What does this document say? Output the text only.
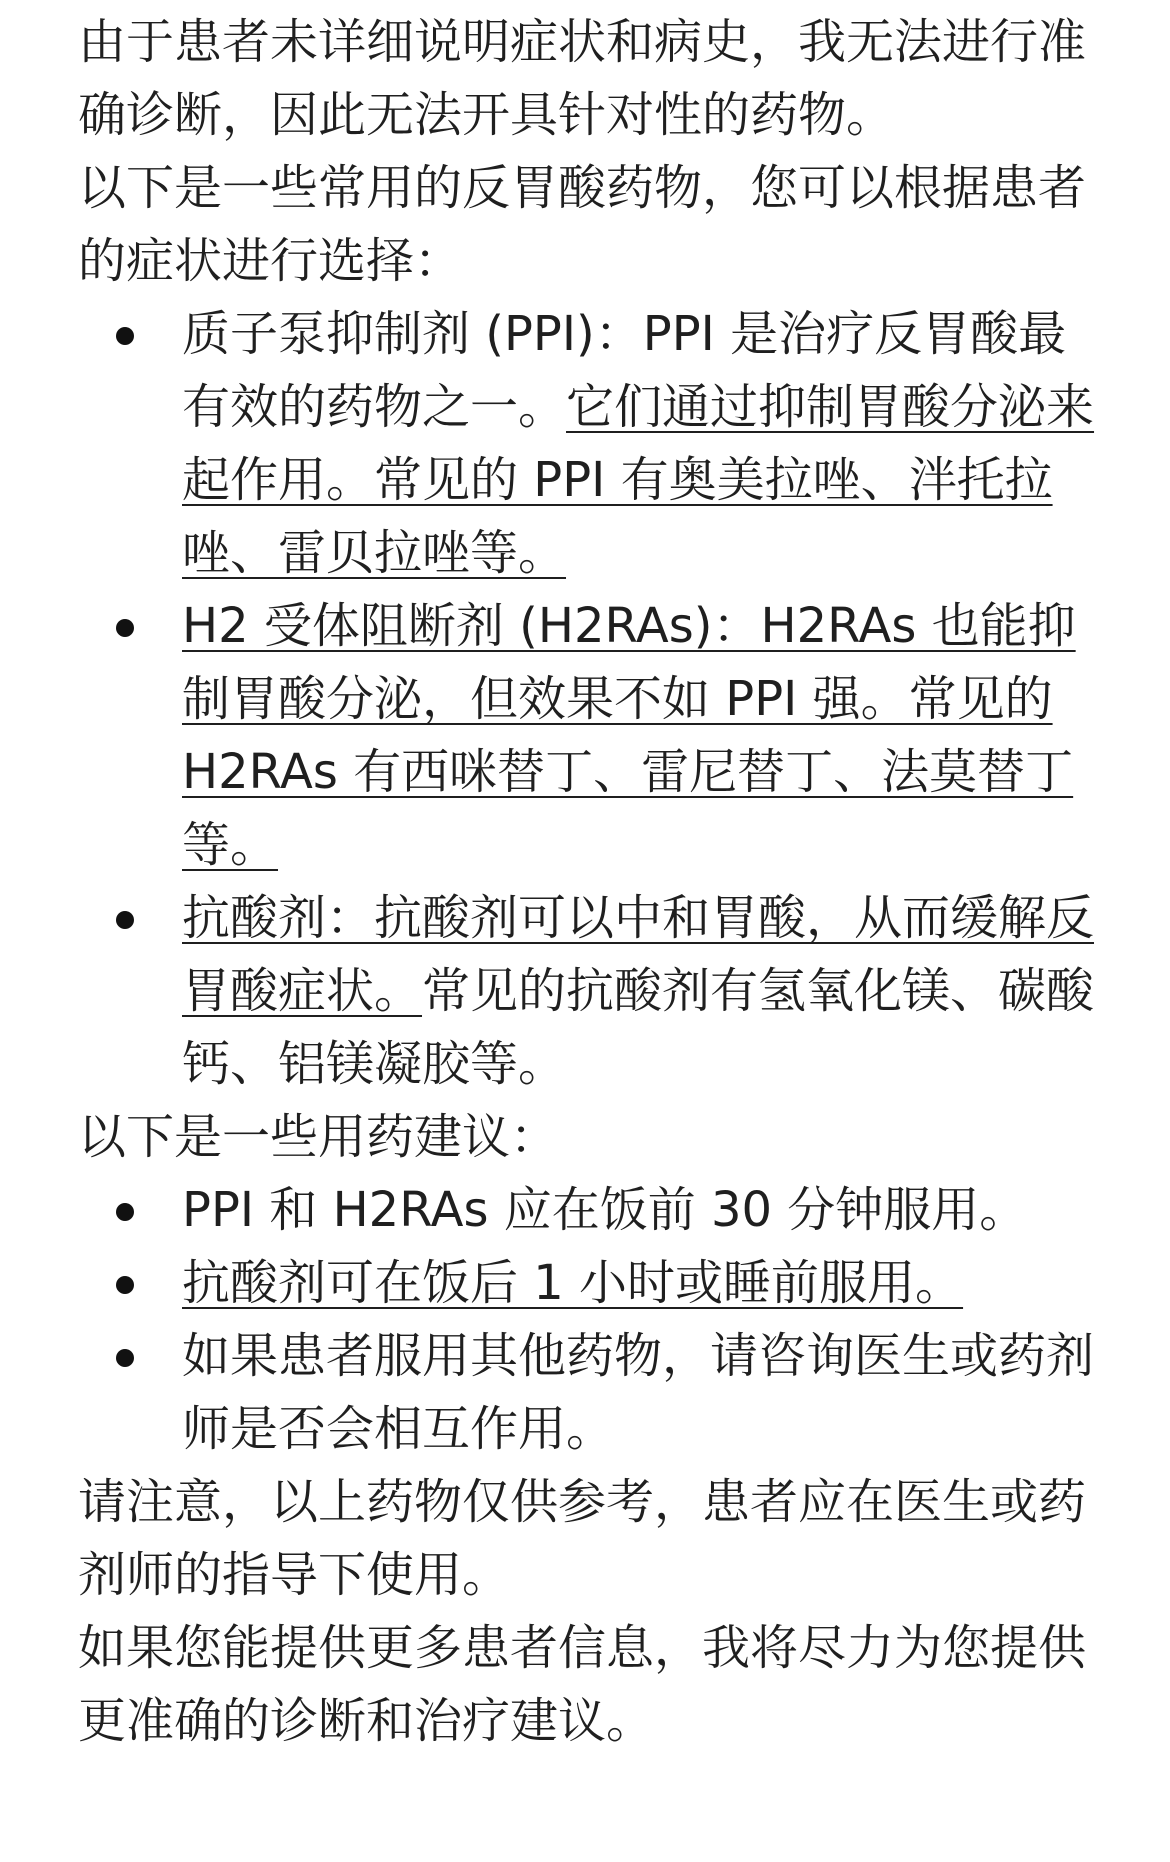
由于患者未详细说明症状和病史，我无法进行准确诊断，因此无法开具针对性的药物。

以下是一些常用的反胃酸药物，您可以根据患者的症状进行选择：

质子泵抑制剂 (PPI)：PPI 是治疗反胃酸最有效的药物之一。它们通过抑制胃酸分泌来起作用。常见的 PPI 有奥美拉唑、泮托拉唑、雷贝拉唑等。
H2 受体阻断剂 (H2RAs)：H2RAs 也能抑制胃酸分泌，但效果不如 PPI 强。常见的 H2RAs 有西咪替丁、雷尼替丁、法莫替丁等。
抗酸剂：抗酸剂可以中和胃酸，从而缓解反胃酸症状。常见的抗酸剂有氢氧化镁、碳酸钙、铝镁凝胶等。

以下是一些用药建议：

PPI 和 H2RAs 应在饭前 30 分钟服用。
抗酸剂可在饭后 1 小时或睡前服用。
如果患者服用其他药物，请咨询医生或药剂师是否会相互作用。

请注意，以上药物仅供参考，患者应在医生或药剂师的指导下使用。

如果您能提供更多患者信息，我将尽力为您提供更准确的诊断和治疗建议。
